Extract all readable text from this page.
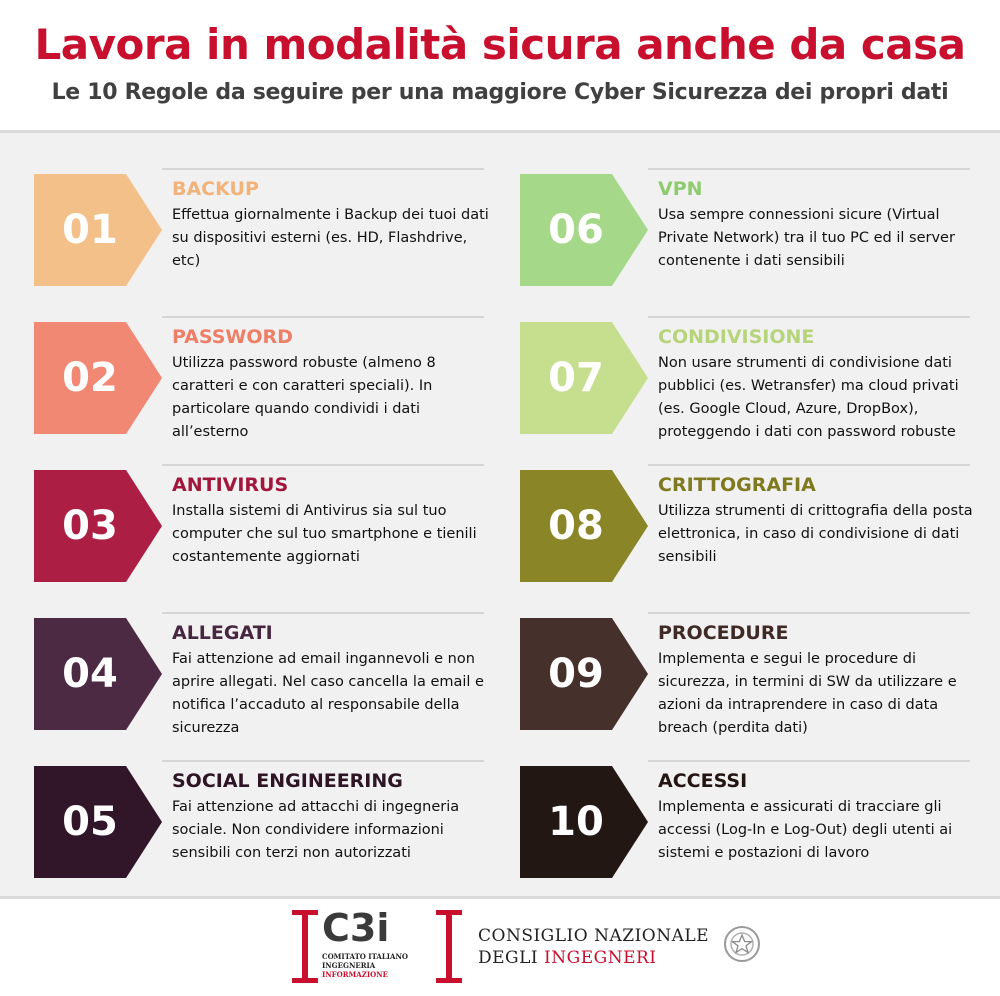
Lavora in modalità sicura anche da casa
Le 10 Regole da seguire per una maggiore Cyber Sicurezza dei propri dati
01
BACKUP
Effettua giornalmente i Backup dei tuoi dati su dispositivi esterni (es. HD, Flashdrive, etc)
02
PASSWORD
Utilizza password robuste (almeno 8 caratteri e con caratteri speciali). In particolare quando condividi i dati all’esterno
03
ANTIVIRUS
Installa sistemi di Antivirus sia sul tuo computer che sul tuo smartphone e tienili costantemente aggiornati
04
ALLEGATI
Fai attenzione ad email ingannevoli e non aprire allegati. Nel caso cancella la email e notifica l’accaduto al responsabile della sicurezza
05
SOCIAL ENGINEERING
Fai attenzione ad attacchi di ingegneria sociale. Non condividere informazioni sensibili con terzi non autorizzati
06
VPN
Usa sempre connessioni sicure (Virtual Private Network) tra il tuo PC ed il server contenente i dati sensibili
07
CONDIVISIONE
Non usare strumenti di condivisione dati pubblici (es. Wetransfer) ma cloud privati (es. Google Cloud, Azure, DropBox), proteggendo i dati con password robuste
08
CRITTOGRAFIA
Utilizza strumenti di crittografia della posta elettronica, in caso di condivisione di dati sensibili
09
PROCEDURE
Implementa e segui le procedure di sicurezza, in termini di SW da utilizzare e azioni da intraprendere in caso di data breach (perdita dati)
10
ACCESSI
Implementa e assicurati di tracciare gli accessi (Log-In e Log-Out) degli utenti ai sistemi e postazioni di lavoro
C3i
COMITATO ITALIANO
INGEGNERIA
INFORMAZIONE
CONSIGLIO NAZIONALE
DEGLI INGEGNERI
